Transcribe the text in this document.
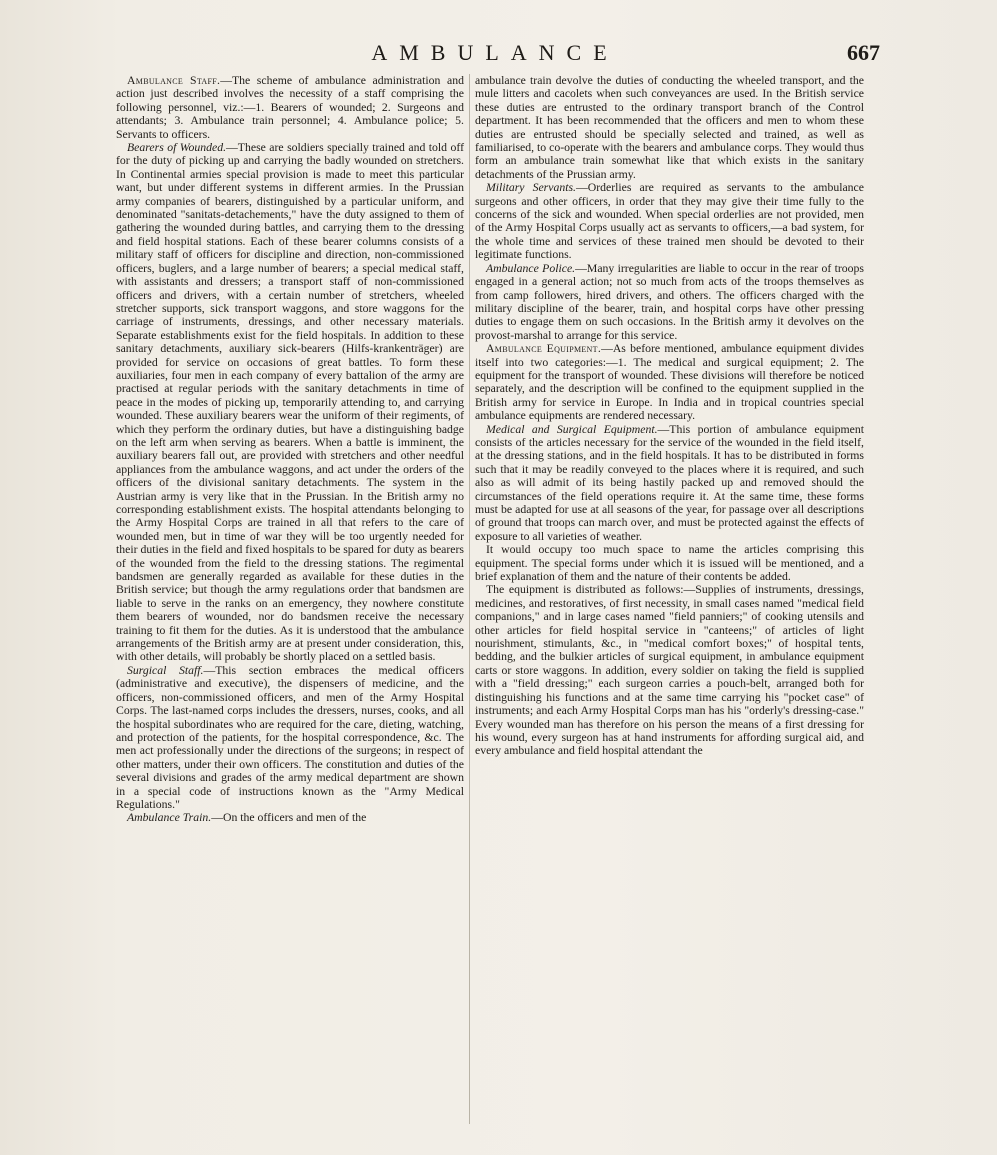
AMBULANCE	667

Ambulance Staff.—The scheme of ambulance administration and action just described involves the necessity of a staff comprising the following personnel, viz.:—1. Bearers of wounded; 2. Surgeons and attendants; 3. Ambulance train personnel; 4. Ambulance police; 5. Servants to officers.

Bearers of Wounded.—These are soldiers specially trained and told off for the duty of picking up and carrying the badly wounded on stretchers. In Continental armies special provision is made to meet this particular want, but under different systems in different armies. In the Prussian army companies of bearers, distinguished by a particular uniform, and denominated "sanitats-detachements," have the duty assigned to them of gathering the wounded during battles, and carrying them to the dressing and field hospital stations. Each of these bearer columns consists of a military staff of officers for discipline and direction, non-commissioned officers, buglers, and a large number of bearers; a special medical staff, with assistants and dressers; a transport staff of non-commissioned officers and drivers, with a certain number of stretchers, wheeled stretcher supports, sick transport waggons, and store waggons for the carriage of instruments, dressings, and other necessary materials. Separate establishments exist for the field hospitals. In addition to these sanitary detachments, auxiliary sick-bearers (Hilfs-krankenträger) are provided for service on occasions of great battles. To form these auxiliaries, four men in each company of every battalion of the army are practised at regular periods with the sanitary detachments in time of peace in the modes of picking up, temporarily attending to, and carrying wounded. These auxiliary bearers wear the uniform of their regiments, of which they perform the ordinary duties, but have a distinguishing badge on the left arm when serving as bearers. When a battle is imminent, the auxiliary bearers fall out, are provided with stretchers and other needful appliances from the ambulance waggons, and act under the orders of the officers of the divisional sanitary detachments. The system in the Austrian army is very like that in the Prussian. In the British army no corresponding establishment exists. The hospital attendants belonging to the Army Hospital Corps are trained in all that refers to the care of wounded men, but in time of war they will be too urgently needed for their duties in the field and fixed hospitals to be spared for duty as bearers of the wounded from the field to the dressing stations. The regimental bandsmen are generally regarded as available for these duties in the British service; but though the army regulations order that bandsmen are liable to serve in the ranks on an emergency, they nowhere constitute them bearers of wounded, nor do bandsmen receive the necessary training to fit them for the duties. As it is understood that the ambulance arrangements of the British army are at present under consideration, this, with other details, will probably be shortly placed on a settled basis.

Surgical Staff.—This section embraces the medical officers (administrative and executive), the dispensers of medicine, and the officers, non-commissioned officers, and men of the Army Hospital Corps. The last-named corps includes the dressers, nurses, cooks, and all the hospital subordinates who are required for the care, dieting, watching, and protection of the patients, for the hospital correspondence, &c. The men act professionally under the directions of the surgeons; in respect of other matters, under their own officers. The constitution and duties of the several divisions and grades of the army medical department are shown in a special code of instructions known as the "Army Medical Regulations."

Ambulance Train.—On the officers and men of the

ambulance train devolve the duties of conducting the wheeled transport, and the mule litters and cacolets when such conveyances are used. In the British service these duties are entrusted to the ordinary transport branch of the Control department. It has been recommended that the officers and men to whom these duties are entrusted should be specially selected and trained, as well as familiarised, to co-operate with the bearers and ambulance corps. They would thus form an ambulance train somewhat like that which exists in the sanitary detachments of the Prussian army.

Military Servants.—Orderlies are required as servants to the ambulance surgeons and other officers, in order that they may give their time fully to the concerns of the sick and wounded. When special orderlies are not provided, men of the Army Hospital Corps usually act as servants to officers,—a bad system, for the whole time and services of these trained men should be devoted to their legitimate functions.

Ambulance Police.—Many irregularities are liable to occur in the rear of troops engaged in a general action; not so much from acts of the troops themselves as from camp followers, hired drivers, and others. The officers charged with the military discipline of the bearer, train, and hospital corps have other pressing duties to engage them on such occasions. In the British army it devolves on the provost-marshal to arrange for this service.

Ambulance Equipment.—As before mentioned, ambulance equipment divides itself into two categories:—1. The medical and surgical equipment; 2. The equipment for the transport of wounded. These divisions will therefore be noticed separately, and the description will be confined to the equipment supplied in the British army for service in Europe. In India and in tropical countries special ambulance equipments are rendered necessary.

Medical and Surgical Equipment.—This portion of ambulance equipment consists of the articles necessary for the service of the wounded in the field itself, at the dressing stations, and in the field hospitals. It has to be distributed in forms such that it may be readily conveyed to the places where it is required, and such also as will admit of its being hastily packed up and removed should the circumstances of the field operations require it. At the same time, these forms must be adapted for use at all seasons of the year, for passage over all descriptions of ground that troops can march over, and must be protected against the effects of exposure to all varieties of weather.

It would occupy too much space to name the articles comprising this equipment. The special forms under which it is issued will be mentioned, and a brief explanation of them and the nature of their contents be added.

The equipment is distributed as follows:—Supplies of instruments, dressings, medicines, and restoratives, of first necessity, in small cases named "medical field companions," and in large cases named "field panniers;" of cooking utensils and other articles for field hospital service in "canteens;" of articles of light nourishment, stimulants, &c., in "medical comfort boxes;" of hospital tents, bedding, and the bulkier articles of surgical equipment, in ambulance equipment carts or store waggons. In addition, every soldier on taking the field is supplied with a "field dressing;" each surgeon carries a pouch-belt, arranged both for distinguishing his functions and at the same time carrying his "pocket case" of instruments; and each Army Hospital Corps man has his "orderly's dressing-case." Every wounded man has therefore on his person the means of a first dressing for his wound, every surgeon has at hand instruments for affording surgical aid, and every ambulance and field hospital attendant the
